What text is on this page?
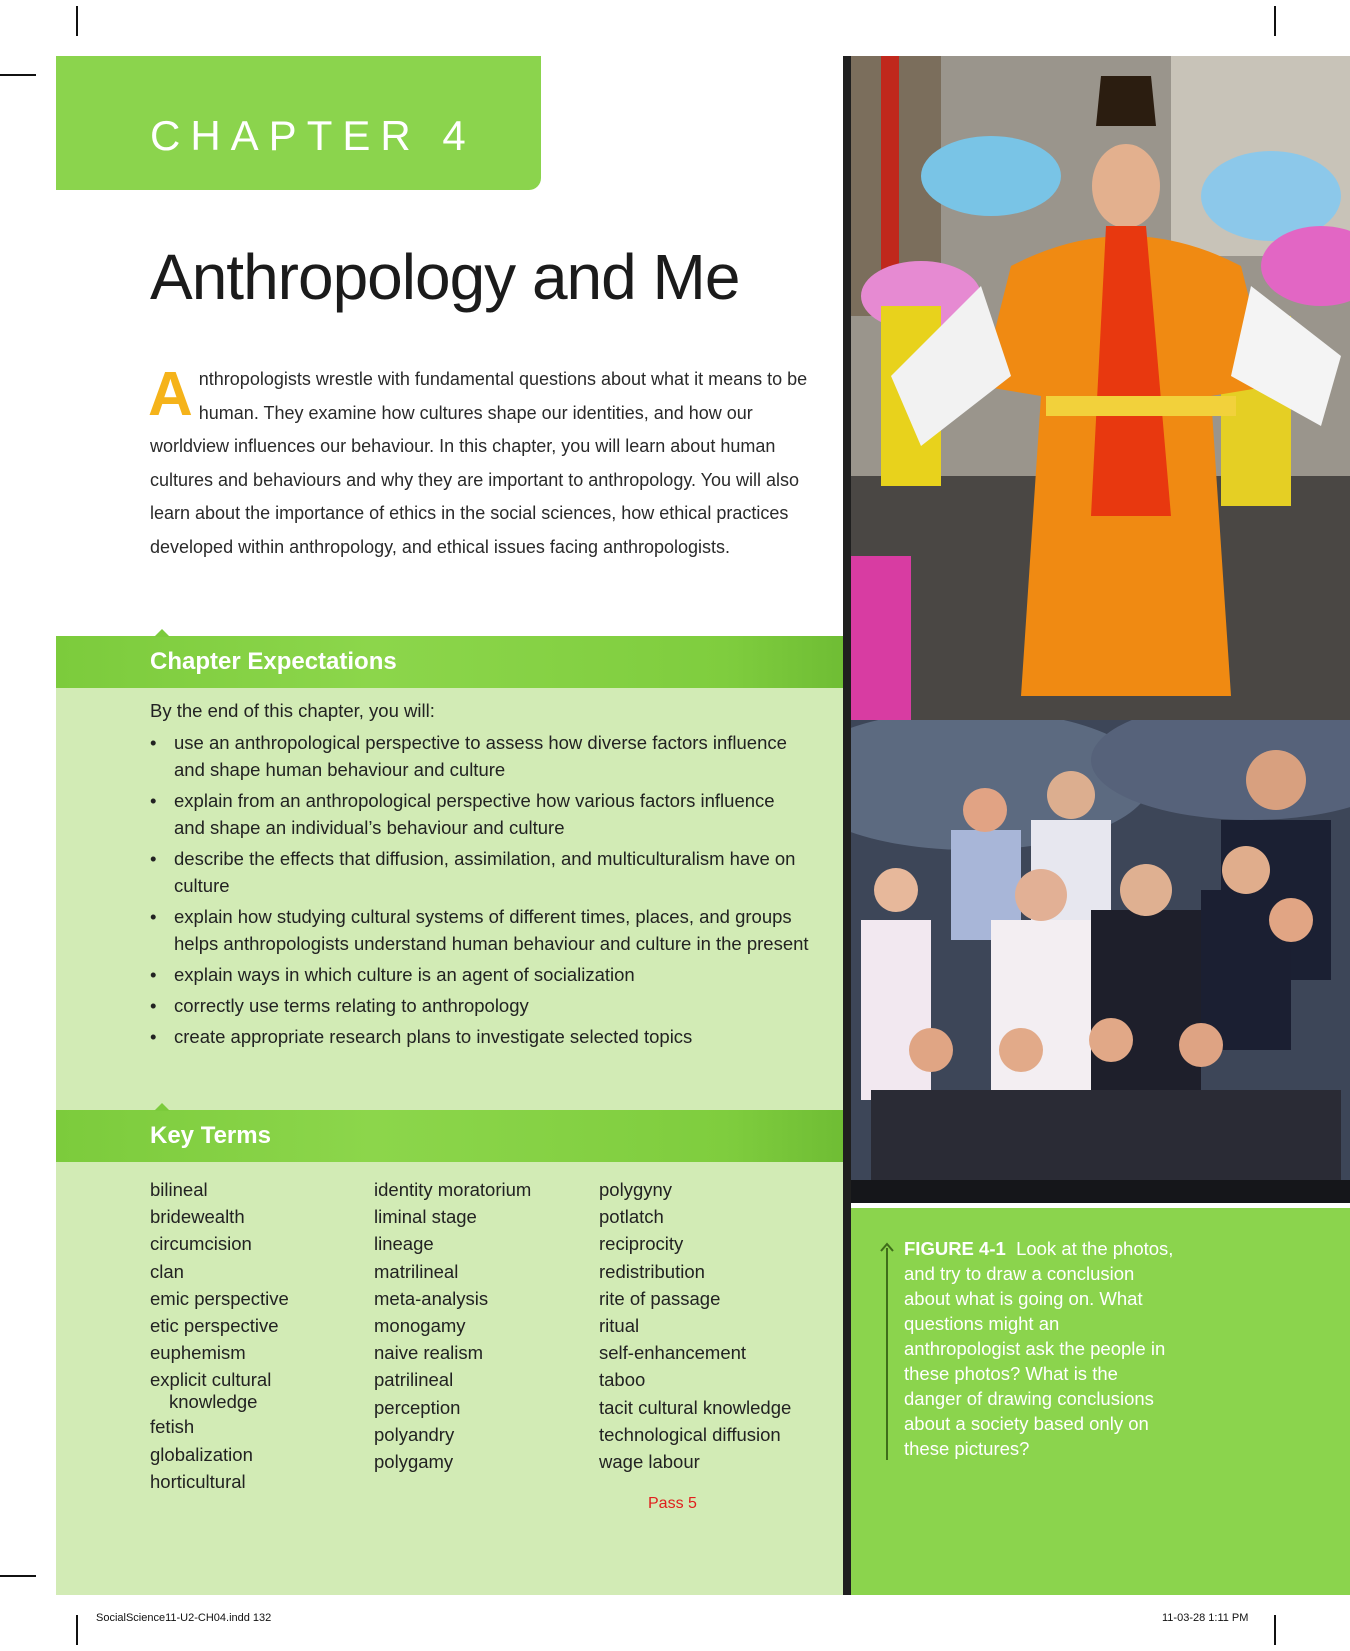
CHAPTER 4
Anthropology and Me
Anthropologists wrestle with fundamental questions about what it means to be human. They examine how cultures shape our identities, and how our worldview influences our behaviour. In this chapter, you will learn about human cultures and behaviours and why they are important to anthropology. You will also learn about the importance of ethics in the social sciences, how ethical practices developed within anthropology, and ethical issues facing anthropologists.
Chapter Expectations
By the end of this chapter, you will:
• use an anthropological perspective to assess how diverse factors influence and shape human behaviour and culture
• explain from an anthropological perspective how various factors influence and shape an individual’s behaviour and culture
• describe the effects that diffusion, assimilation, and multiculturalism have on culture
• explain how studying cultural systems of different times, places, and groups helps anthropologists understand human behaviour and culture in the present
• explain ways in which culture is an agent of socialization
• correctly use terms relating to anthropology
• create appropriate research plans to investigate selected topics
Key Terms
bilineal
bridewealth
circumcision
clan
emic perspective
etic perspective
euphemism
explicit cultural
knowledge
fetish
globalization
horticultural
identity moratorium
liminal stage
lineage
matrilineal
meta-analysis
monogamy
naive realism
patrilineal
perception
polyandry
polygamy
polygyny
potlatch
reciprocity
redistribution
rite of passage
ritual
self-enhancement
taboo
tacit cultural knowledge
technological diffusion
wage labour
Pass 5
FIGURE 4-1 Look at the photos, and try to draw a conclusion about what is going on. What questions might an anthropologist ask the people in these photos? What is the danger of drawing conclusions about a society based only on these pictures?
SocialScience11-U2-CH04.indd 132	11-03-28 1:11 PM
